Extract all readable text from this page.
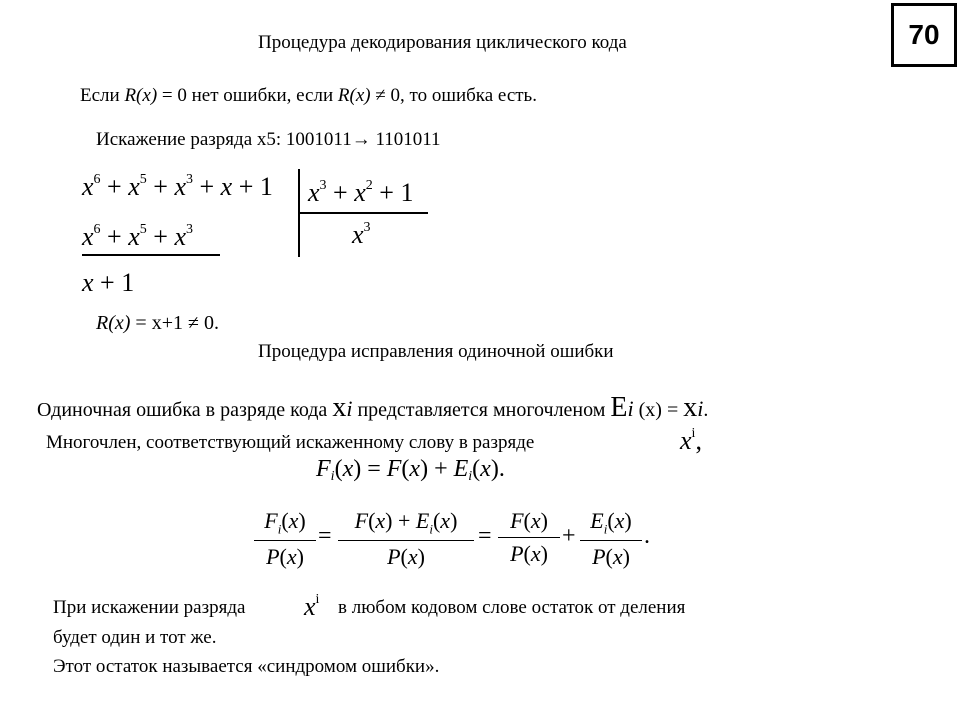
70
Процедура декодирования циклического кода
Если R(x) = 0 нет ошибки, если R(x) ≠ 0, то ошибка есть.
Искажение разряда x5: 1001011→ 1101011
$x^6 + x^5 + x^3 + x + 1$
$x^6 + x^5 + x^3$
x + 1
$x^3 + x^2 + 1$
$x^3$
R(x) = x+1 ≠ 0.
Процедура исправления одиночной ошибки
Одиночная ошибка в разряде кода xi представляется многочленом Ei (x) = xi.
Многочлен, соответствующий искаженному слову в разряде	$x^i$,
$F_i(x) = F(x) + E_i(x)$.
$F_i(x)$
P(x)
=
$F(x) + E_i(x)$
P(x)
=
F(x)
P(x)
+
$E_i(x)$
P(x)
.
При искажении разряда $x^i$ в любом кодовом слове остаток от деления
будет один и тот же.
Этот остаток называется «синдромом ошибки».
